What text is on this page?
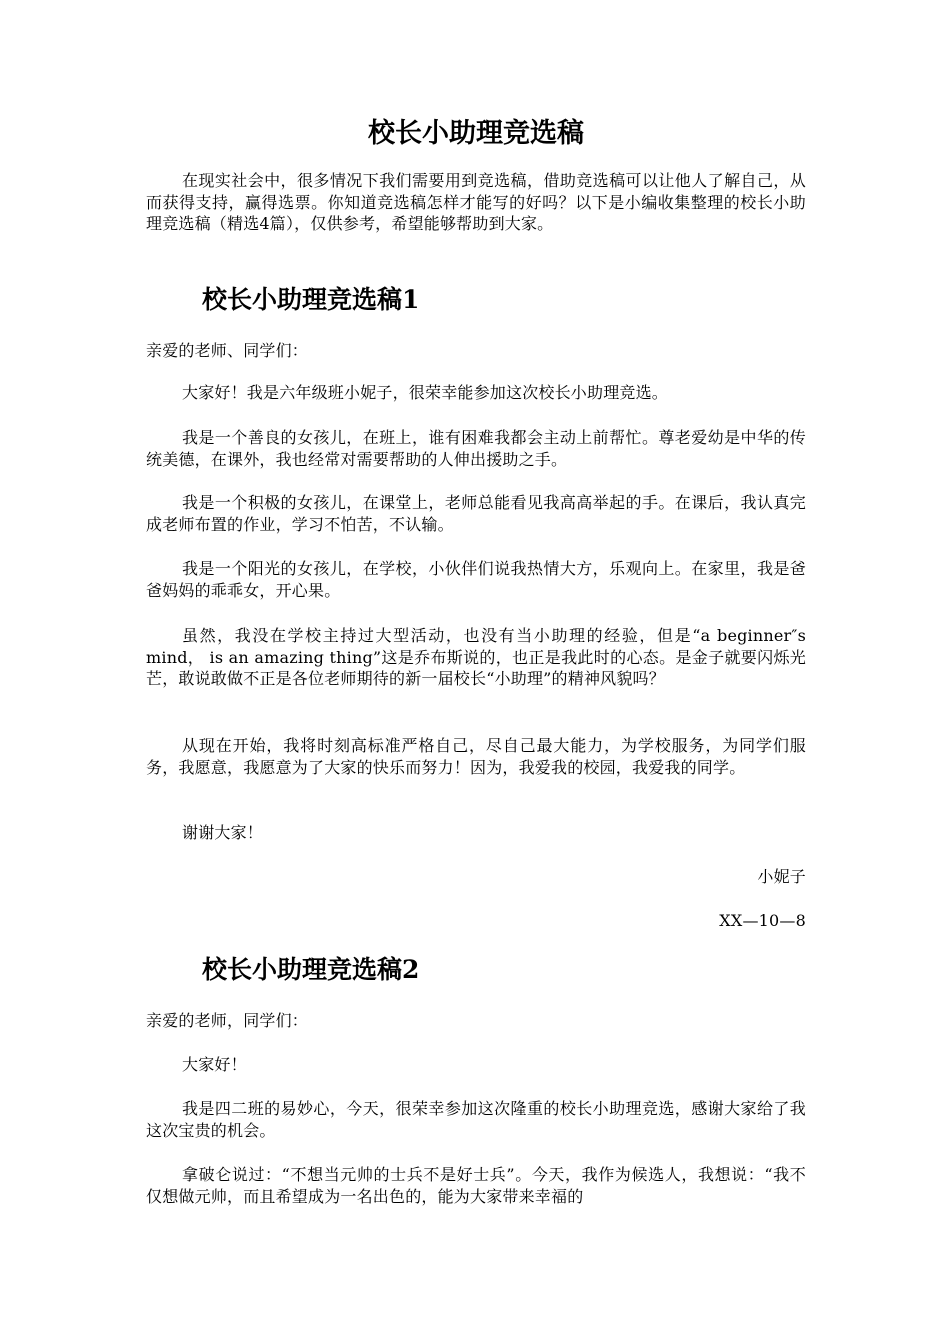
校长小助理竞选稿

在现实社会中，很多情况下我们需要用到竞选稿，借助竞选稿可以让他人了解自己，从而获得支持，赢得选票。你知道竞选稿怎样才能写的好吗？以下是小编收集整理的校长小助理竞选稿（精选4篇），仅供参考，希望能够帮助到大家。

校长小助理竞选稿1

亲爱的老师、同学们：

大家好！我是六年级班小妮子，很荣幸能参加这次校长小助理竞选。

我是一个善良的女孩儿，在班上，谁有困难我都会主动上前帮忙。尊老爱幼是中华的传统美德，在课外，我也经常对需要帮助的人伸出援助之手。

我是一个积极的女孩儿，在课堂上，老师总能看见我高高举起的手。在课后，我认真完成老师布置的作业，学习不怕苦，不认输。

我是一个阳光的女孩儿，在学校，小伙伴们说我热情大方，乐观向上。在家里，我是爸爸妈妈的乖乖女，开心果。

虽然，我没在学校主持过大型活动，也没有当小助理的经验，但是“a beginner″s mind， is an amazing thing”这是乔布斯说的，也正是我此时的心态。是金子就要闪烁光芒，敢说敢做不正是各位老师期待的新一届校长“小助理”的精神风貌吗？

从现在开始，我将时刻高标准严格自己，尽自己最大能力，为学校服务，为同学们服务，我愿意，我愿意为了大家的快乐而努力！因为，我爱我的校园，我爱我的同学。

谢谢大家！

小妮子

XX—10—8

校长小助理竞选稿2

亲爱的老师，同学们：

大家好！

我是四二班的易妙心，今天，很荣幸参加这次隆重的校长小助理竞选，感谢大家给了我这次宝贵的机会。

拿破仑说过：“不想当元帅的士兵不是好士兵”。今天，我作为候选人，我想说：“我不仅想做元帅，而且希望成为一名出色的，能为大家带来幸福的
